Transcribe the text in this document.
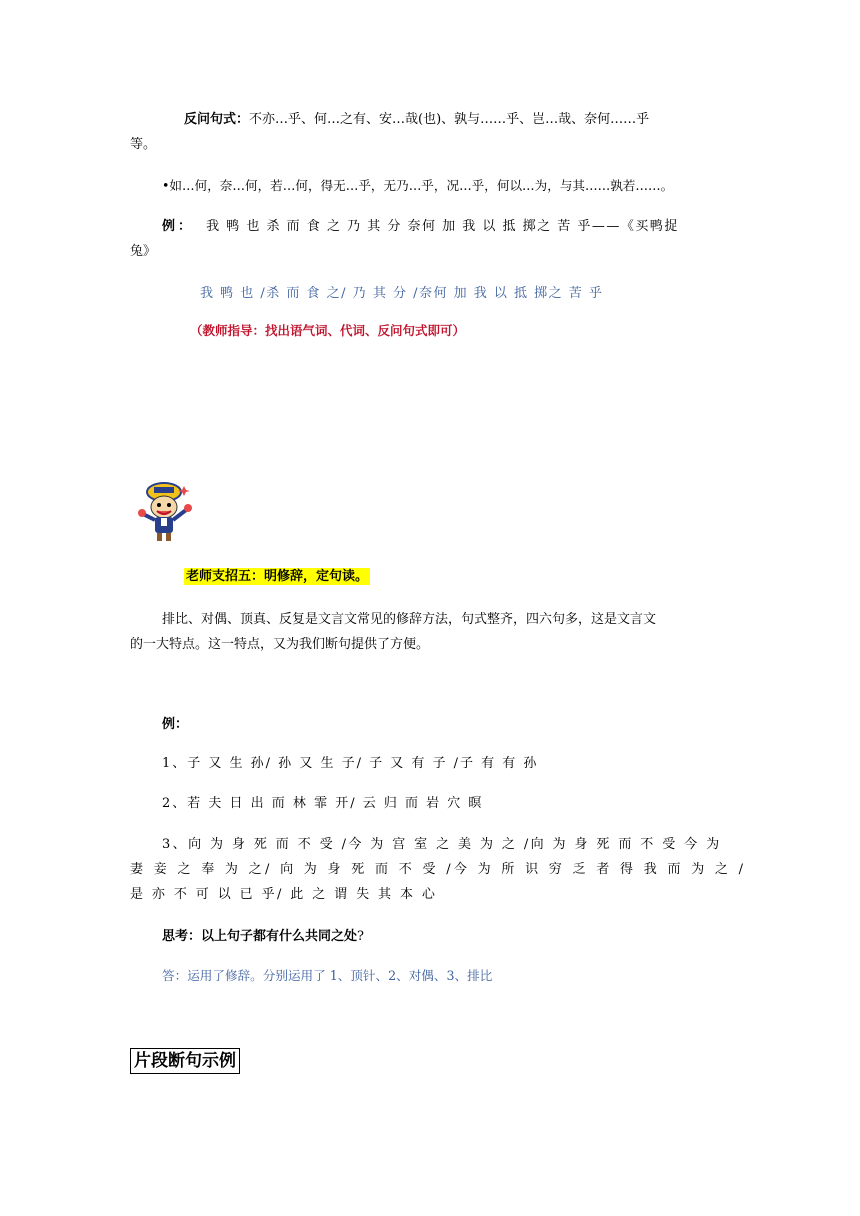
反问句式：不亦…乎、何…之有、安…哉(也)、孰与……乎、岂…哉、奈何……乎
等。
•如…何，奈…何，若…何，得无…乎，无乃…乎，况…乎，何以…为，与其……孰若……。
例： 我 鸭 也 杀 而 食 之 乃 其 分 奈何 加 我 以 抵 掷之 苦 乎——《买鸭捉
兔》
我 鸭 也 /杀 而 食 之/ 乃 其 分 /奈何 加 我 以 抵 掷之 苦 乎
（教师指导：找出语气词、代词、反问句式即可）
老师支招五：明修辞，定句读。
排比、对偶、顶真、反复是文言文常见的修辞方法，句式整齐，四六句多，这是文言文
的一大特点。这一特点，又为我们断句提供了方便。
例：
1、子 又 生 孙/ 孙 又 生 子/ 子 又 有 子 /子 有 有 孙
2、若 夫 日 出 而 林 霏 开/ 云 归 而 岩 穴 暝
3、向 为 身 死 而 不 受 /今 为 宫 室 之 美 为 之 /向 为 身 死 而 不 受 今 为
妻 妾 之 奉 为 之/ 向 为 身 死 而 不 受 /今 为 所 识 穷 乏 者 得 我 而 为 之 /
是 亦 不 可 以 已 乎/ 此 之 谓 失 其 本 心
思考：以上句子都有什么共同之处?
答：运用了修辞。分别运用了 1、顶针、2、对偶、3、排比
片段断句示例
